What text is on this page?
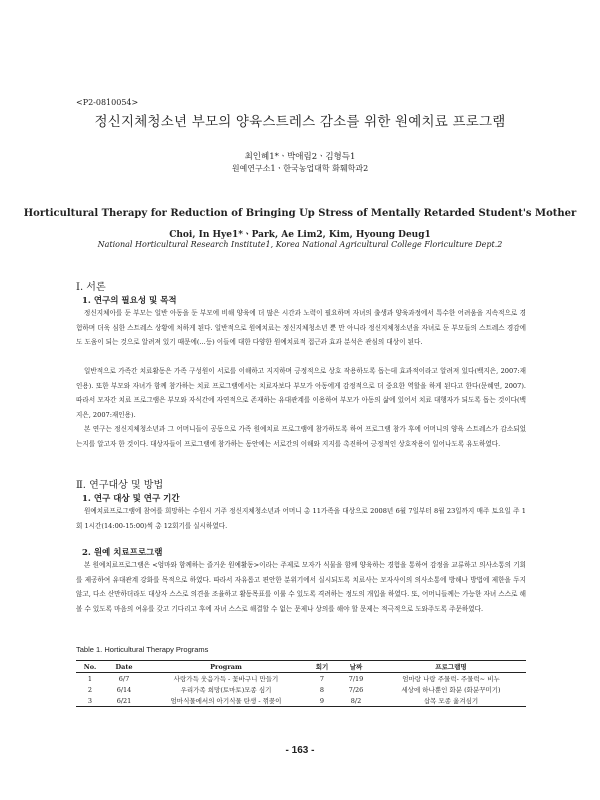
<P2-0810054>
정신지체청소년 부모의 양육스트레스 감소를 위한 원예치료 프로그램
최인혜1*ㆍ박애림2ㆍ김형득1
원예연구소1ㆍ한국농업대학 화훼학과2
Horticultural Therapy for Reduction of Bringing Up Stress of Mentally Retarded Student's Mother
Choi, In Hye1*ㆍPark, Ae Lim2, Kim, Hyoung Deug1
National Horticultural Research Institute1, Korea National Agricultural College Floriculture Dept.2
Ⅰ. 서론
1. 연구의 필요성 및 목적

정신지체아를 둔 부모는 일반 아동을 둔 부모에 비해 양육에 더 많은 시간과 노력이 필요하며 자녀의 출생과 양육과정에서 특수한 어려움을 지속적으로 경험하며 더욱 심한 스트레스 상황에 처하게 된다. 일반적으로 원예치료는 정신지체청소년 뿐 만 아니라 정신지체청소년을 자녀로 둔 부모들의 스트레스 경감에도 도움이 되는 것으로 알려져 있기 때문에(...등) 이들에 대한 다양한 원예치료적 접근과 효과 분석은 관심의 대상이 된다.

일반적으로 가족간 치료활동은 가족 구성원이 서로를 이해하고 지지하며 긍정적으로 상호 작용하도록 돕는데 효과적이라고 알려져 있다(백지은, 2007:재인용). 또한 부모와 자녀가 함께 참가하는 치료 프로그램에서는 치료자보다 부모가 아동에게 감정적으로 더 중요한 역할을 하게 된다고 한다(문혜연, 2007). 따라서 모자간 치료 프로그램은 부모와 자식간에 자연적으로 존재하는 유대관계를 이용하여 부모가 아동의 삶에 있어서 치료 대행자가 되도록 돕는 것이다(백지은, 2007:재인용).

본 연구는 정신지체청소년과 그 어머니들이 공동으로 가족 원예치료 프로그램에 참가하도록 하여 프로그램 참가 후에 어머니의 양육 스트레스가 감소되었는지를 알고자 한 것이다. 대상자들이 프로그램에 참가하는 동안에는 서로간의 이해와 지지를 촉진하여 긍정적인 상호작용이 일어나도록 유도하였다.

Ⅱ. 연구대상 및 방법
1. 연구 대상 및 연구 기간

원예치료프로그램에 참여를 희망하는 수원시 거주 정신지체청소년과 어머니 총 11가족을 대상으로 2008년 6월 7일부터 8월 23일까지 매주 토요일 주 1회 1시간(14:00-15:00)씩 총 12회기를 실시하였다.

2. 원예 치료프로그램

본 원예치료프로그램은 <엄마와 함께하는 즐거운 원예활동>이라는 주제로 모자가 식물을 함께 양육하는 경험을 통하여 감정을 교류하고 의사소통의 기회를 제공하여 유대관계 강화를 목적으로 하였다. 따라서 자유롭고 편안한 분위기에서 실시되도록 치료사는 모자사이의 의사소통에 방해나 방법에 제한을 두지 않고, 다소 산만하더라도 대상자 스스로 의견을 조율하고 활동목표를 이룰 수 있도록 격려하는 정도의 개입을 하였다. 또, 어머니들께는 가능한 자녀 스스로 해볼 수 있도록 마음의 여유를 갖고 기다리고 후에 자녀 스스로 해결할 수 없는 문제나 상의를 해야 할 문제는 적극적으로 도와주도록 주문하였다.

Table 1. Horticultural Therapy Programs
No.	Date	Program	회기	날짜	프로그램명
1	6/7	사랑가득 웃음가득 - 꽃바구니 만들기	7	7/19	엄마랑 나랑 주물럭- 주물럭~ 비누
2	6/14	우리가족 희망(토마토)모종 심기	8	7/26	세상에 하나뿐인 화분 (화분꾸미기)
3	6/21	엄마식물에서의 아기식물 탄생 - 꺾꽂이	9	8/2	삽목 모종 옮겨심기
- 163 -
